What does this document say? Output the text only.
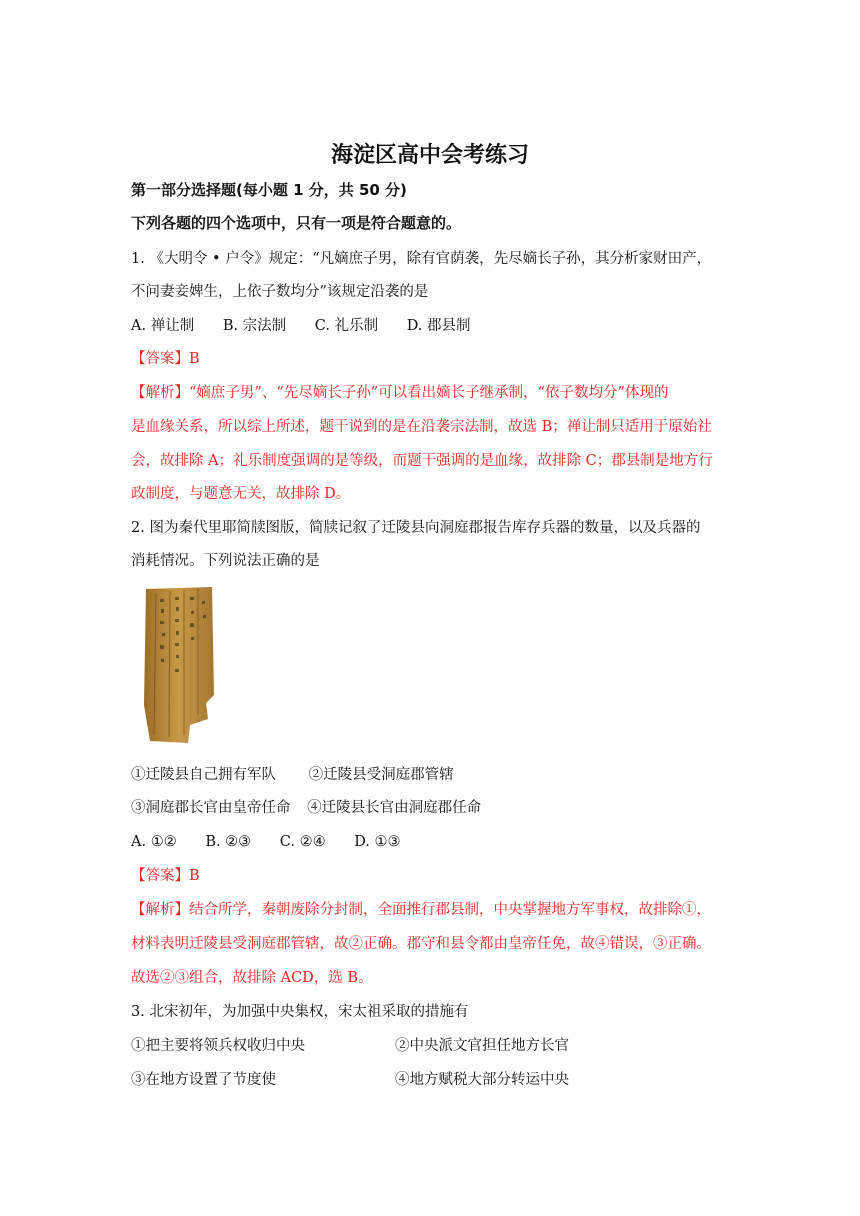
海淀区高中会考练习
第一部分选择题(每小题 1 分，共 50 分)
下列各题的四个选项中，只有一项是符合题意的。
1. 《大明令 • 户令》规定：“凡嫡庶子男，除有官荫袭，先尽嫡长子孙，其分析家财田产，
不问妻妾婢生，上依子数均分”该规定沿袭的是
A. 禅让制 B. 宗法制 C. 礼乐制 D. 郡县制
【答案】B
【解析】“嫡庶子男”、“先尽嫡长子孙”可以看出嫡长子继承制，“依子数均分”体现的
是血缘关系，所以综上所述，题干说到的是在沿袭宗法制，故选 B；禅让制只适用于原始社
会，故排除 A；礼乐制度强调的是等级，而题干强调的是血缘，故排除 C；郡县制是地方行
政制度，与题意无关，故排除 D。
2. 图为秦代里耶简牍图版，简牍记叙了迁陵县向洞庭郡报告库存兵器的数量，以及兵器的
消耗情况。下列说法正确的是
①迁陵县自己拥有军队 ②迁陵县受洞庭郡管辖
③洞庭郡长官由皇帝任命 ④迁陵县长官由洞庭郡任命
A. ①② B. ②③ C. ②④ D. ①③
【答案】B
【解析】结合所学，秦朝废除分封制，全面推行郡县制，中央掌握地方军事权，故排除①，
材料表明迁陵县受洞庭郡管辖，故②正确。郡守和县令都由皇帝任免，故④错误，③正确。
故选②③组合，故排除 ACD，选 B。
3. 北宋初年，为加强中央集权，宋太祖采取的措施有
①把主要将领兵权收归中央	②中央派文官担任地方长官
③在地方设置了节度使	④地方赋税大部分转运中央
